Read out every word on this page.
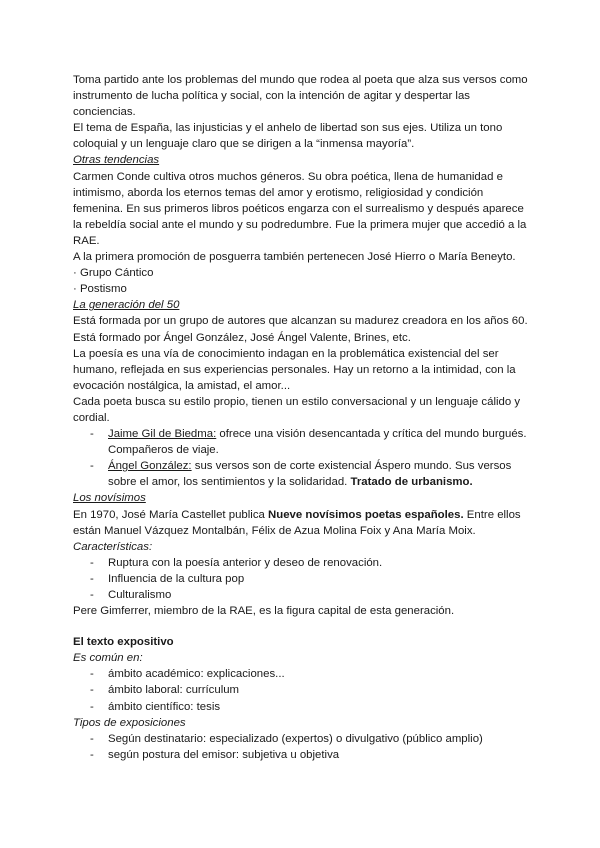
Toma partido ante los problemas del mundo que rodea al poeta que alza sus versos como instrumento de lucha política y social, con la intención de agitar y despertar las conciencias.

El tema de España, las injusticias y el anhelo de libertad son sus ejes. Utiliza un tono coloquial y un lenguaje claro que se dirigen a la “inmensa mayoría”.

Otras tendencias

Carmen Conde cultiva otros muchos géneros. Su obra poética, llena de humanidad e intimismo, aborda los eternos temas del amor y erotismo, religiosidad y condición femenina. En sus primeros libros poéticos engarza con el surrealismo y después aparece la rebeldía social ante el mundo y su podredumbre. Fue la primera mujer que accedió a la RAE.

A la primera promoción de posguerra también pertenecen José Hierro o María Beneyto.

· Grupo Cántico

· Postismo

La generación del 50

Está formada por un grupo de autores que alcanzan su madurez creadora en los años 60. Está formado por Ángel González, José Ángel Valente, Brines, etc.

La poesía es una vía de conocimiento indagan en la problemática existencial del ser humano, reflejada en sus experiencias personales. Hay un retorno a la intimidad, con la evocación nostálgica, la amistad, el amor...

Cada poeta busca su estilo propio, tienen un estilo conversacional y un lenguaje cálido y cordial.

- Jaime Gil de Biedma: ofrece una visión desencantada y crítica del mundo burgués. Compañeros de viaje.
- Ángel González: sus versos son de corte existencial Áspero mundo. Sus versos sobre el amor, los sentimientos y la solidaridad. Tratado de urbanismo.

Los novísimos

En 1970, José María Castellet publica Nueve novísimos poetas españoles. Entre ellos están Manuel Vázquez Montalbán, Félix de Azua Molina Foix y Ana María Moix.

Características:

- Ruptura con la poesía anterior y deseo de renovación.
- Influencia de la cultura pop
- Culturalismo

Pere Gimferrer, miembro de la RAE, es la figura capital de esta generación.

El texto expositivo

Es común en:

- ámbito académico: explicaciones...
- ámbito laboral: currículum
- ámbito científico: tesis

Tipos de exposiciones

- Según destinatario: especializado (expertos) o divulgativo (público amplio)
- según postura del emisor: subjetiva u objetiva
